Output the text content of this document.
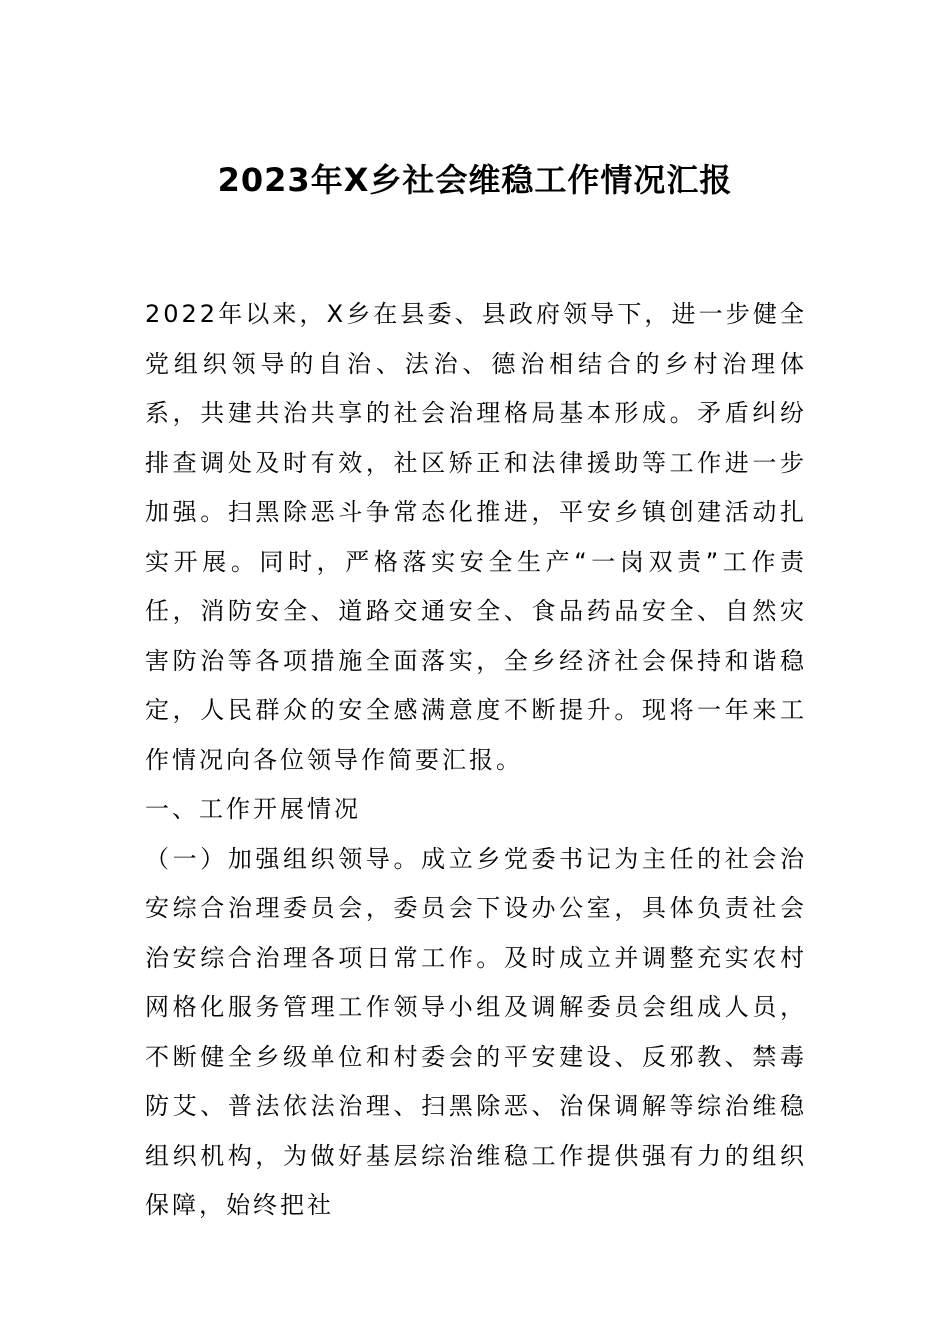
2023年X乡社会维稳工作情况汇报

2022年以来，X乡在县委、县政府领导下，进一步健全党组织领导的自治、法治、德治相结合的乡村治理体系，共建共治共享的社会治理格局基本形成。矛盾纠纷排查调处及时有效，社区矫正和法律援助等工作进一步加强。扫黑除恶斗争常态化推进，平安乡镇创建活动扎实开展。同时，严格落实安全生产“一岗双责”工作责任，消防安全、道路交通安全、食品药品安全、自然灾害防治等各项措施全面落实，全乡经济社会保持和谐稳定，人民群众的安全感满意度不断提升。现将一年来工作情况向各位领导作简要汇报。

一、工作开展情况

（一）加强组织领导。成立乡党委书记为主任的社会治安综合治理委员会，委员会下设办公室，具体负责社会治安综合治理各项日常工作。及时成立并调整充实农村网格化服务管理工作领导小组及调解委员会组成人员，不断健全乡级单位和村委会的平安建设、反邪教、禁毒防艾、普法依法治理、扫黑除恶、治保调解等综治维稳组织机构，为做好基层综治维稳工作提供强有力的组织保障，始终把社
